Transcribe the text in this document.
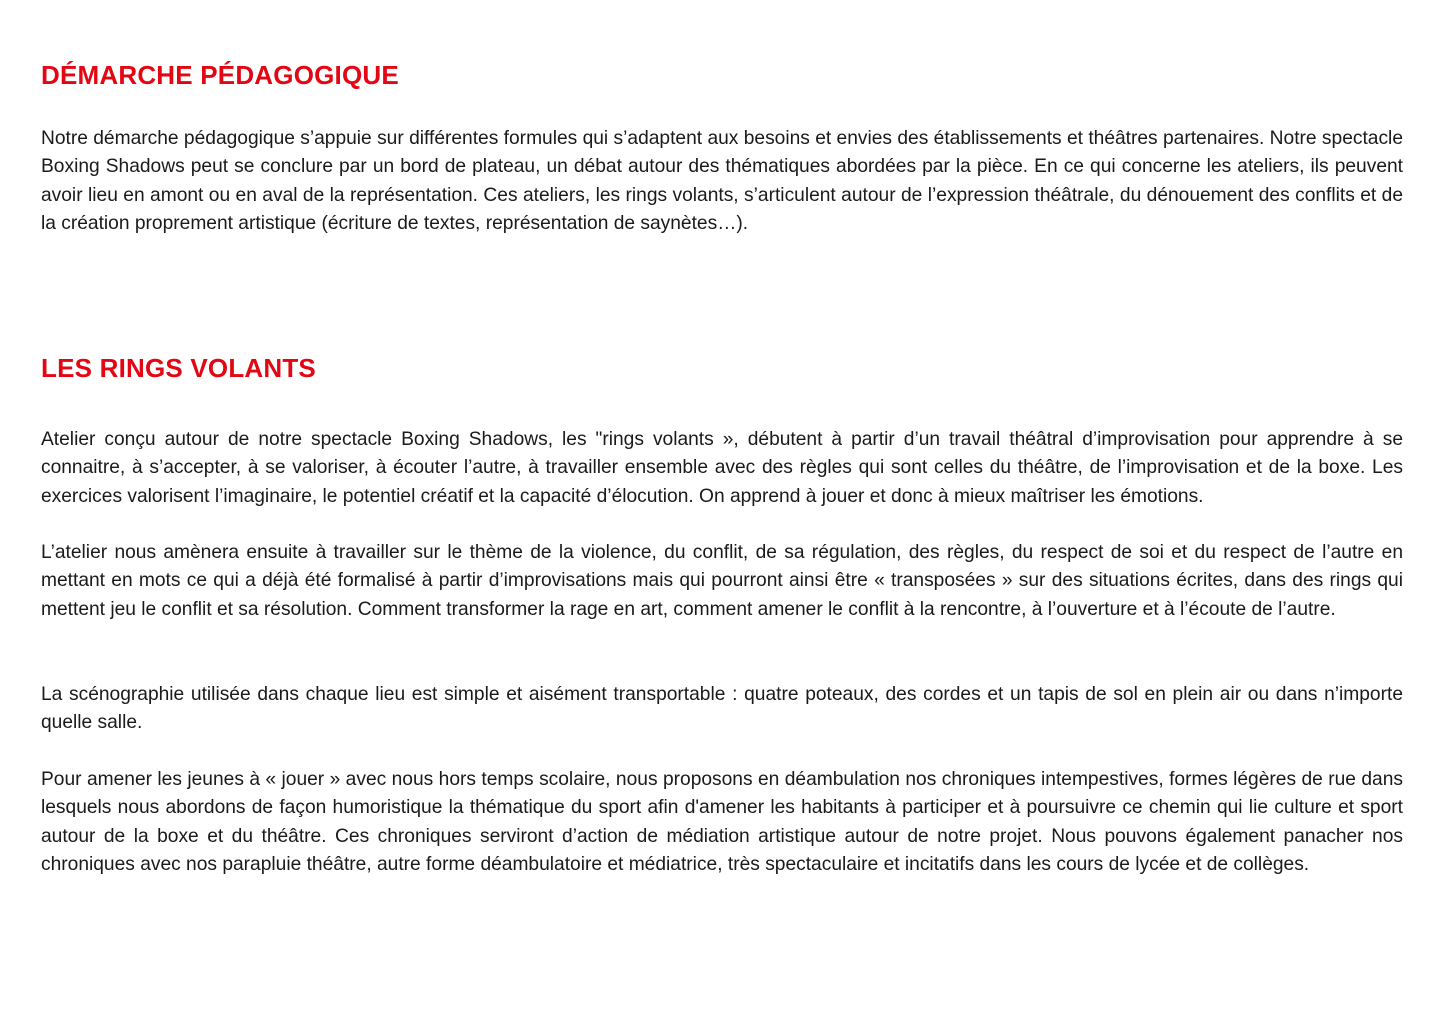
DÉMARCHE PÉDAGOGIQUE

Notre démarche pédagogique s’appuie sur différentes formules qui s’adaptent aux besoins et envies des établissements et théâtres partenaires. Notre spectacle Boxing Shadows peut se conclure par un bord de plateau, un débat autour des thématiques abordées par la pièce. En ce qui concerne les ateliers, ils peuvent avoir lieu en amont ou en aval de la représentation. Ces ateliers, les rings volants, s’articulent autour de l’expression théâtrale, du dénouement des conflits et de la création proprement artistique (écriture de textes, représentation de saynètes…).

LES RINGS VOLANTS

Atelier conçu autour de notre spectacle Boxing Shadows, les "rings volants », débutent à partir d’un travail théâtral d’improvisation pour apprendre à se connaitre, à s’accepter, à se valoriser, à écouter l’autre, à travailler ensemble avec des règles qui sont celles du théâtre, de l’improvisation et de la boxe. Les exercices valorisent l’imaginaire, le potentiel créatif et la capacité d’élocution. On apprend à jouer et donc à mieux maîtriser les émotions.

L’atelier nous amènera ensuite à travailler sur le thème de la violence, du conflit, de sa régulation, des règles, du respect de soi et du respect de l’autre en mettant en mots ce qui a déjà été formalisé à partir d’improvisations mais qui pourront ainsi être « transposées » sur des situations écrites, dans des rings qui mettent jeu le conflit et sa résolution. Comment transformer la rage en art, comment amener le conflit à la rencontre, à l’ouverture et à l’écoute de l’autre.

La scénographie utilisée dans chaque lieu est simple et aisément transportable : quatre poteaux, des cordes et un tapis de sol en plein air ou dans n’importe quelle salle.

Pour amener les jeunes à « jouer » avec nous hors temps scolaire, nous proposons en déambulation nos chroniques intempestives, formes légères de rue dans lesquels nous abordons de façon humoristique la thématique du sport afin d'amener les habitants à participer et à poursuivre ce chemin qui lie culture et sport autour de la boxe et du théâtre. Ces chroniques serviront d’action de médiation artistique autour de notre projet. Nous pouvons également panacher nos chroniques avec nos parapluie théâtre, autre forme déambulatoire et médiatrice, très spectaculaire et incitatifs dans les cours de lycée et de collèges.
